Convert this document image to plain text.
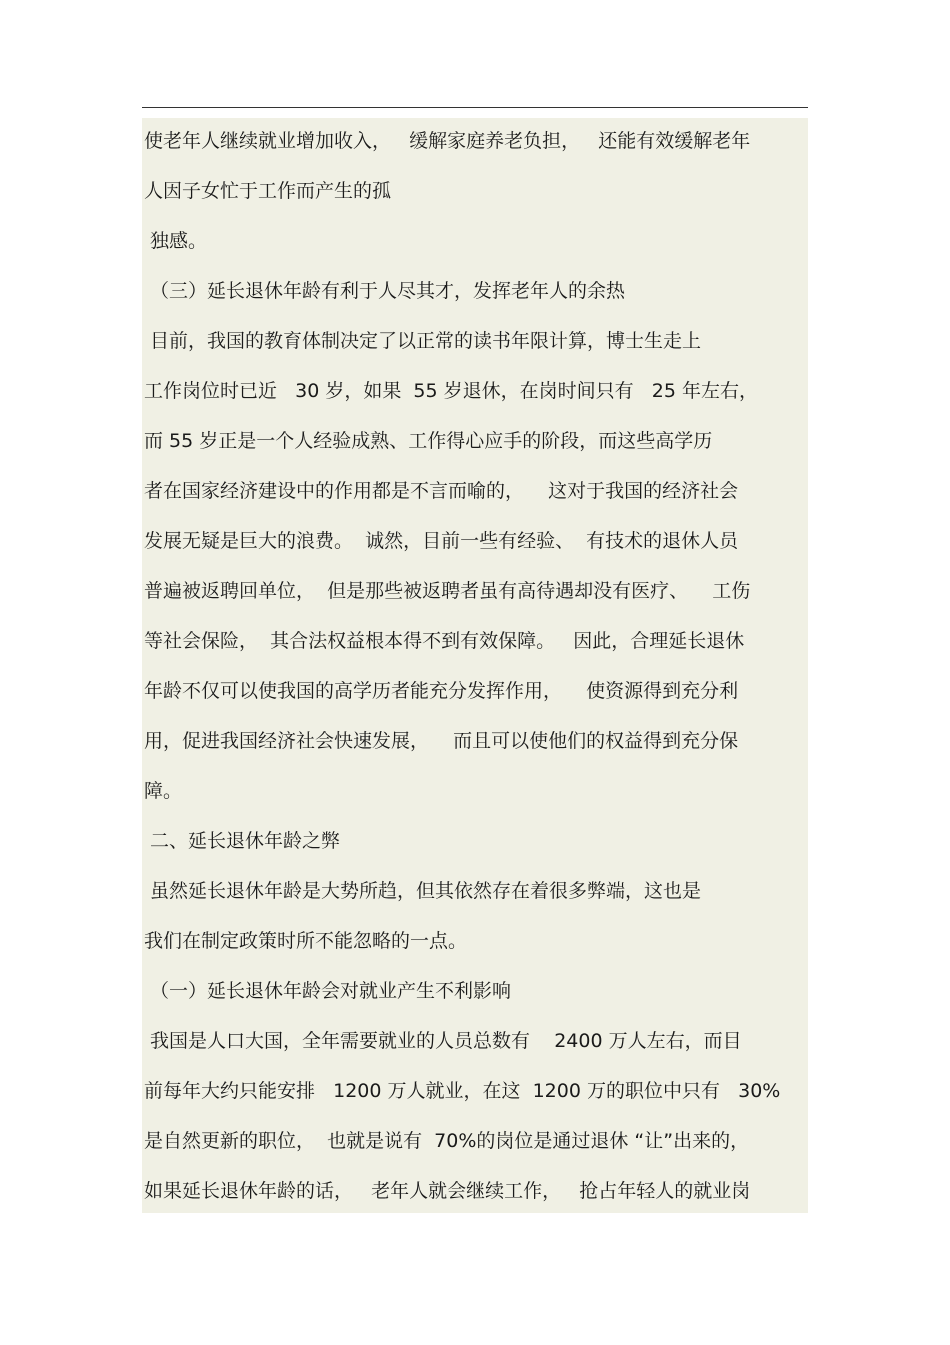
使老年人继续就业增加收入，   缓解家庭养老负担，   还能有效缓解老年
人因子女忙于工作而产生的孤
独感。
（三）延长退休年龄有利于人尽其才，发挥老年人的余热
目前，我国的教育体制决定了以正常的读书年限计算，博士生走上
工作岗位时已近   30 岁，如果  55 岁退休，在岗时间只有   25 年左右，
而 55 岁正是一个人经验成熟、工作得心应手的阶段，而这些高学历
者在国家经济建设中的作用都是不言而喻的，    这对于我国的经济社会
发展无疑是巨大的浪费。  诚然，目前一些有经验、  有技术的退休人员
普遍被返聘回单位，  但是那些被返聘者虽有高待遇却没有医疗、    工伤
等社会保险，  其合法权益根本得不到有效保障。   因此，合理延长退休
年龄不仅可以使我国的高学历者能充分发挥作用，    使资源得到充分利
用，促进我国经济社会快速发展，    而且可以使他们的权益得到充分保
障。
二、延长退休年龄之弊
虽然延长退休年龄是大势所趋，但其依然存在着很多弊端，这也是
我们在制定政策时所不能忽略的一点。
（一）延长退休年龄会对就业产生不利影响
我国是人口大国，全年需要就业的人员总数有    2400 万人左右，而目
前每年大约只能安排   1200 万人就业，在这  1200 万的职位中只有   30%
是自然更新的职位，  也就是说有  70%的岗位是通过退休 “让”出来的，
如果延长退休年龄的话，   老年人就会继续工作，   抢占年轻人的就业岗
